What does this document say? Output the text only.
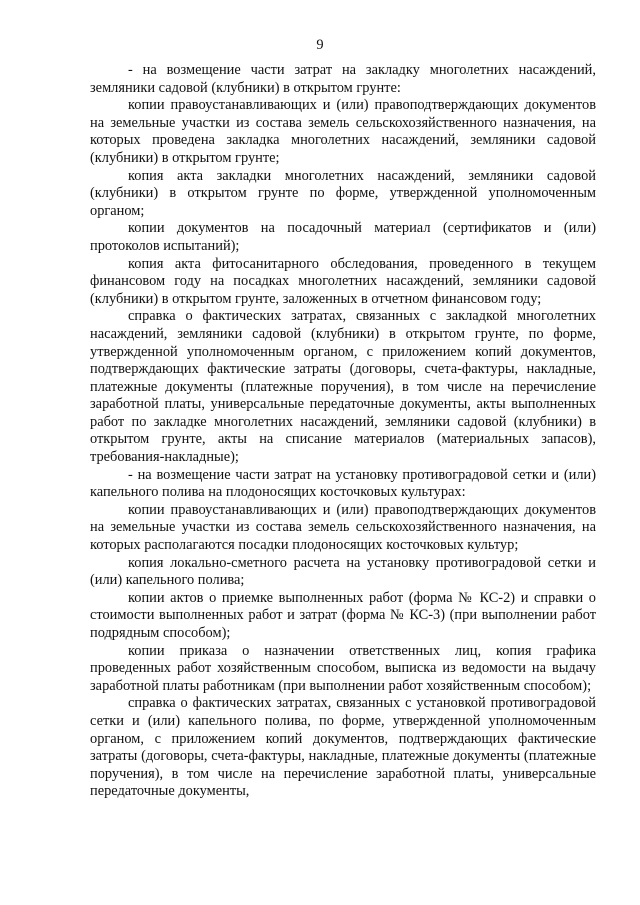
9

- на возмещение части затрат на закладку многолетних насаждений, земляники садовой (клубники) в открытом грунте:

копии правоустанавливающих и (или) правоподтверждающих документов на земельные участки из состава земель сельскохозяйственного назначения, на которых проведена закладка многолетних насаждений, земляники садовой (клубники) в открытом грунте;

копия акта закладки многолетних насаждений, земляники садовой (клубники) в открытом грунте по форме, утвержденной уполномоченным органом;

копии документов на посадочный материал (сертификатов и (или) протоколов испытаний);

копия акта фитосанитарного обследования, проведенного в текущем финансовом году на посадках многолетних насаждений, земляники садовой (клубники) в открытом грунте, заложенных в отчетном финансовом году;

справка о фактических затратах, связанных с закладкой многолетних насаждений, земляники садовой (клубники) в открытом грунте, по форме, утвержденной уполномоченным органом, с приложением копий документов, подтверждающих фактические затраты (договоры, счета-фактуры, накладные, платежные документы (платежные поручения), в том числе на перечисление заработной платы, универсальные передаточные документы, акты выполненных работ по закладке многолетних насаждений, земляники садовой (клубники) в открытом грунте, акты на списание материалов (материальных запасов), требования-накладные);

- на возмещение части затрат на установку противоградовой сетки и (или) капельного полива на плодоносящих косточковых культурах:

копии правоустанавливающих и (или) правоподтверждающих документов на земельные участки из состава земель сельскохозяйственного назначения, на которых располагаются посадки плодоносящих косточковых культур;

копия локально-сметного расчета на установку противоградовой сетки и (или) капельного полива;

копии актов о приемке выполненных работ (форма № КС-2) и справки о стоимости выполненных работ и затрат (форма № КС-3) (при выполнении работ подрядным способом);

копии приказа о назначении ответственных лиц, копия графика проведенных работ хозяйственным способом, выписка из ведомости на выдачу заработной платы работникам (при выполнении работ хозяйственным способом);

справка о фактических затратах, связанных с установкой противоградовой сетки и (или) капельного полива, по форме, утвержденной уполномоченным органом, с приложением копий документов, подтверждающих фактические затраты (договоры, счета-фактуры, накладные, платежные документы (платежные поручения), в том числе на перечисление заработной платы, универсальные передаточные документы,
